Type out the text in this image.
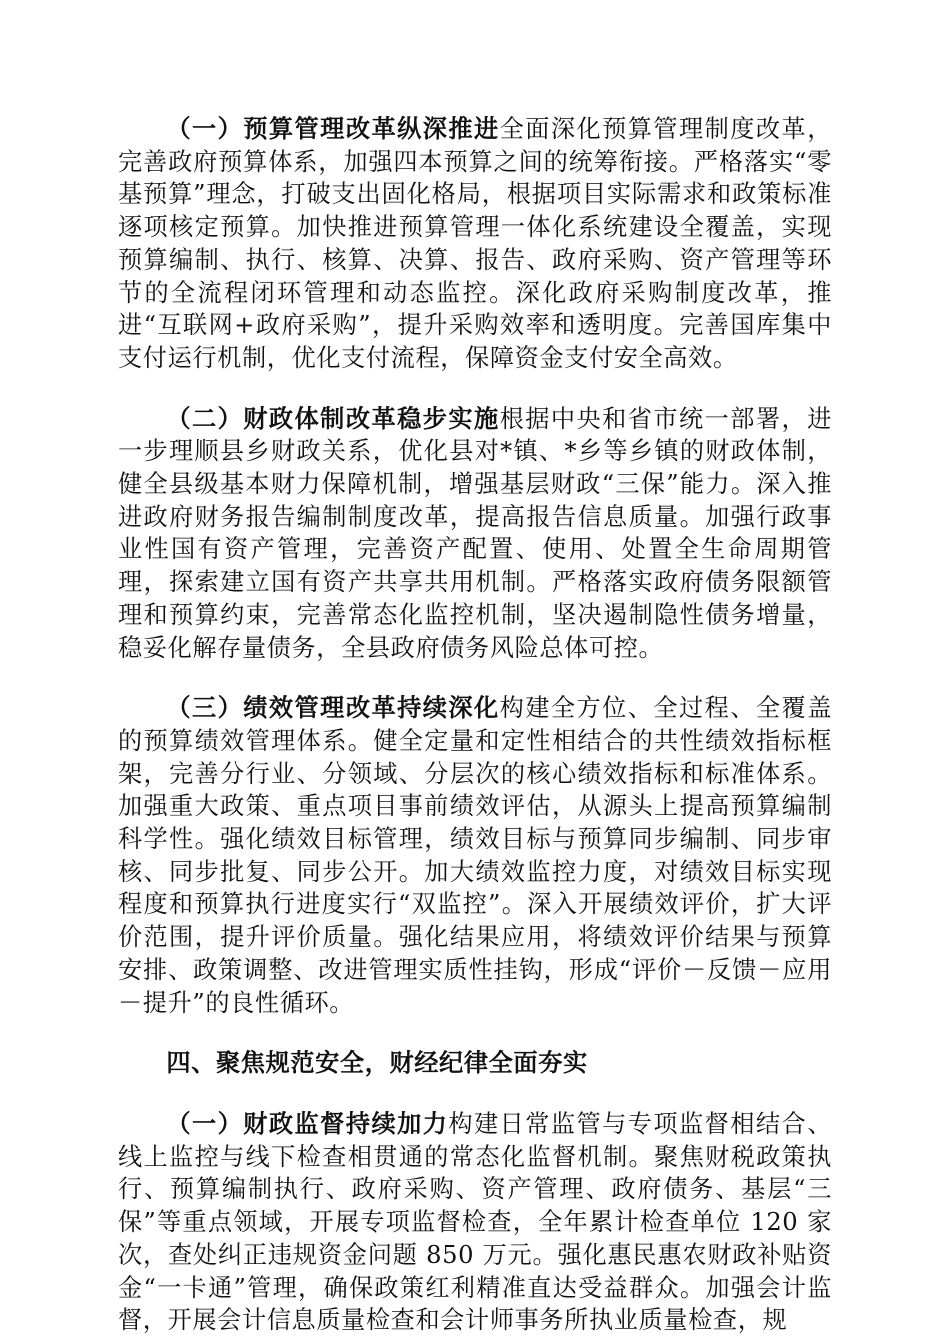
（一）预算管理改革纵深推进全面深化预算管理制度改革，完善政府预算体系，加强四本预算之间的统筹衔接。严格落实“零基预算”理念，打破支出固化格局，根据项目实际需求和政策标准逐项核定预算。加快推进预算管理一体化系统建设全覆盖，实现预算编制、执行、核算、决算、报告、政府采购、资产管理等环节的全流程闭环管理和动态监控。深化政府采购制度改革，推进“互联网+政府采购”，提升采购效率和透明度。完善国库集中支付运行机制，优化支付流程，保障资金支付安全高效。

（二）财政体制改革稳步实施根据中央和省市统一部署，进一步理顺县乡财政关系，优化县对*镇、*乡等乡镇的财政体制，健全县级基本财力保障机制，增强基层财政“三保”能力。深入推进政府财务报告编制制度改革，提高报告信息质量。加强行政事业性国有资产管理，完善资产配置、使用、处置全生命周期管理，探索建立国有资产共享共用机制。严格落实政府债务限额管理和预算约束，完善常态化监控机制，坚决遏制隐性债务增量，稳妥化解存量债务，全县政府债务风险总体可控。

（三）绩效管理改革持续深化构建全方位、全过程、全覆盖的预算绩效管理体系。健全定量和定性相结合的共性绩效指标框架，完善分行业、分领域、分层次的核心绩效指标和标准体系。加强重大政策、重点项目事前绩效评估，从源头上提高预算编制科学性。强化绩效目标管理，绩效目标与预算同步编制、同步审核、同步批复、同步公开。加大绩效监控力度，对绩效目标实现程度和预算执行进度实行“双监控”。深入开展绩效评价，扩大评价范围，提升评价质量。强化结果应用，将绩效评价结果与预算安排、政策调整、改进管理实质性挂钩，形成“评价－反馈－应用－提升”的良性循环。

四、聚焦规范安全，财经纪律全面夯实

（一）财政监督持续加力构建日常监管与专项监督相结合、线上监控与线下检查相贯通的常态化监督机制。聚焦财税政策执行、预算编制执行、政府采购、资产管理、政府债务、基层“三保”等重点领域，开展专项监督检查，全年累计检查单位 120 家次，查处纠正违规资金问题 850 万元。强化惠民惠农财政补贴资金“一卡通”管理，确保政策红利精准直达受益群众。加强会计监督，开展会计信息质量检查和会计师事务所执业质量检查，规
